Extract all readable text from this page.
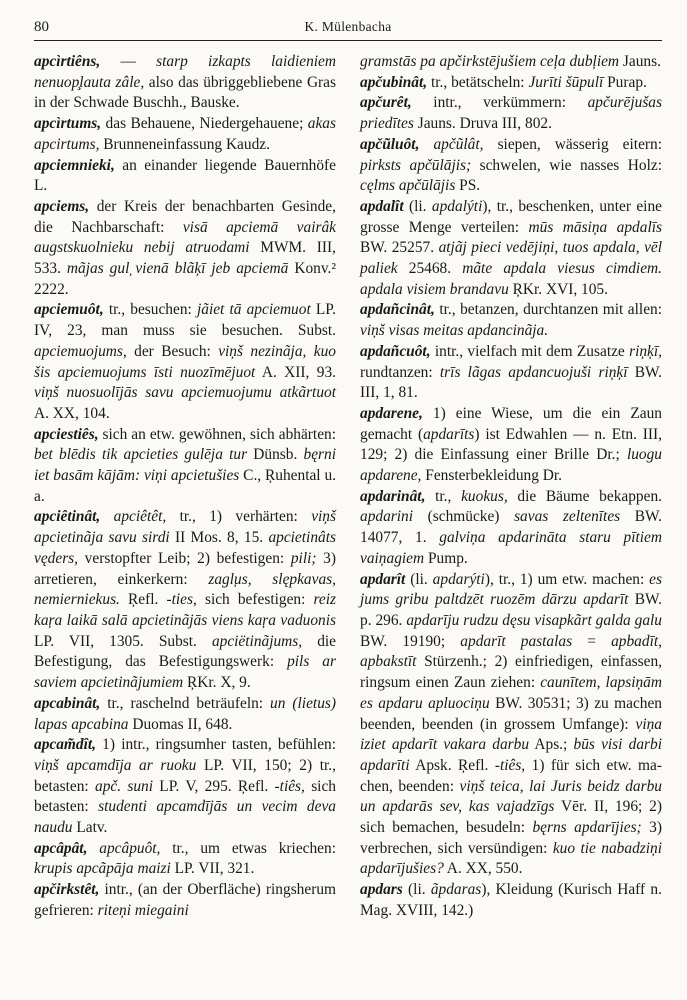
80	K. Mülenbacha

apcìrtiêns, — starp izkapts laidieniem nenuop̧lauta zâle, also das übriggebliebene Gras in der Schwade Buschh., Bauske.

apcìrtums, das Behauene, Niedergehauene; akas apcirtums, Brunneneinfassung Kaudz.

apciemnieki, an einander liegende Bauernhöfe L.

apciems, der Kreis der benachbarten Gesinde, die Nachbarschaft: visā apciemā vairâk augstskuolnieku nebij atruodami MWM. III, 533. mãjas gul̦ vienā blãķī jeb apciemā Konv.² 2222.

apciemuôt, tr., besuchen: jãiet tā apciemuot LP. IV, 23, man muss sie besuchen. Subst. apciemuojums, der Besuch: viņš nezinãja, kuo šis apciemuojums īsti nuozīmējuot A. XII, 93. viņš nuosuolījās savu apciemuojumu atkãrtuot A. XX, 104.

apciestiês, sich an etw. gewöhnen, sich abhärten: bet blēdis tik apcieties gulēja tur Dünsb. bęrni iet basām kājām: viņi apcietušies C., Ŗuhental u. a.

apciêtinât, apciêtêt, tr., 1) verhärten: viņš apcietinãja savu sirdi II Mos. 8, 15. apcietinâts vęders, verstopfter Leib; 2) befestigen: pili; 3) arretieren, einkerkern: zagl̦us, slępkavas, nemierniekus. Ŗefl. -ties, sich befestigen: reiz kaŗa laikā salā apcietinãjās viens kaŗa vaduonis LP. VII, 1305. Subst. apciëtinãjums, die Befestigung, das Befestigungswerk: pils ar saviem apcietinãjumiem ŖKr. X, 9.

apcabinât, tr., raschelnd beträufeln: un (lietus) lapas apcabina Duomas II, 648.

apcam̃dît, 1) intr., ringsumher tasten, befühlen: viņš apcamdīja ar ruoku LP. VII, 150; 2) tr., betasten: apč. suni LP. V, 295. Ŗefl. -tiês, sich betasten: studenti apcamdījās un vecim deva naudu Latv.

apcâpât, apcâpuôt, tr., um etwas kriechen: krupis apcãpāja maizi LP. VII, 321.

apčirkstêt, intr., (an der Oberfläche) ringsherum gefrieren: riteņi miegaini

gramstās pa apčirkstējušiem ceļa dubļiem Jauns.

apčubinât, tr., betätscheln: Jurīti šūpulī Purap.

apčurêt, intr., verkümmern: apčurējušas priedītes Jauns. Druva III, 802.

apčũluôt, apčũlât, siepen, wässerig eitern: pirksts apčūlājis; schwelen, wie nasses Holz: cęlms apčūlājis PS.

apdalît (li. apdalýti), tr., beschenken, unter eine grosse Menge verteilen: mūs māsiņa apdalīs BW. 25257. atjãj pieci vedējiņi, tuos apdala, vēl paliek 25468. mãte apdala viesus cimdiem. apdala visiem brandavu ŖKr. XVI, 105.

apdañcinât, tr., betanzen, durchtanzen mit allen: viņš visas meitas apdancinãja.

apdañcuôt, intr., vielfach mit dem Zusatze riņķī, rundtanzen: trīs lãgas apdancuojuši riņķī BW. III, 1, 81.

apdarene, 1) eine Wiese, um die ein Zaun gemacht (apdarīts) ist Edwahlen — n. Etn. III, 129; 2) die Einfassung einer Brille Dr.; luogu apdarene, Fensterbekleidung Dr.

apdarinât, tr., kuokus, die Bäume bekappen. apdarini (schmücke) savas zeltenītes BW. 14077, 1. galviņa apdarināta staru pītiem vaiņagiem Pump.

apdarît (li. apdarýti), tr., 1) um etw. machen: es jums gribu paltdzēt ruozēm dārzu apdarīt BW. p. 296. apdarīju rudzu dęsu visapkãrt galda galu BW. 19190; apdarīt pastalas = apbadīt, apbakstīt Stürzenh.; 2) einfriedigen, einfassen, ringsum einen Zaun ziehen: caunītem, lapsiņām es apdaru apluociņu BW. 30531; 3) zu machen beenden, beenden (in grossem Umfange): viņa iziet apdarīt vakara darbu Aps.; būs visi darbi apdarīti Apsk. Ŗefl. -tiês, 1) für sich etw. machen, beenden: viņš teica, lai Juris beidz darbu un apdarās sev, kas vajadzīgs Vēr. II, 196; 2) sich bemachen, besudeln: bęrns apdarījies; 3) verbrechen, sich versündigen: kuo tie nabadziņi apdarījušies? A. XX, 550.

apdars (li. ãpdaras), Kleidung (Kurisch Haff n. Mag. XVIII, 142.)
